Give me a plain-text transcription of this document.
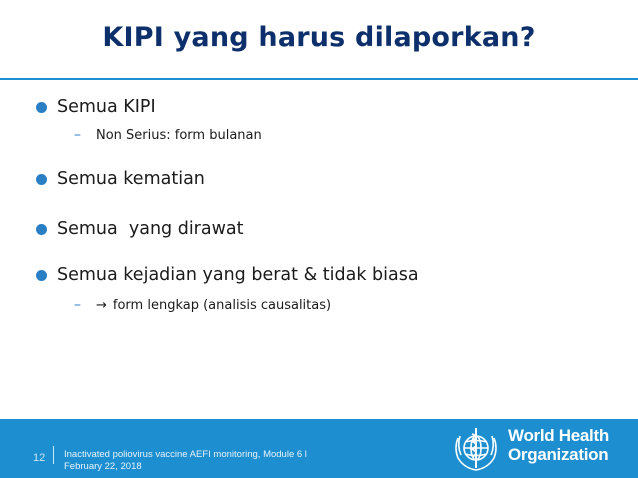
KIPI yang harus dilaporkan?
Semua KIPI
–	Non Serius: form bulanan
Semua kematian
Semua  yang dirawat
Semua kejadian yang berat & tidak biasa
–	→ form lengkap (analisis causalitas)
12 Inactivated poliovirus vaccine AEFI monitoring, Module 6 l
February 22, 2018
World Health
Organization
